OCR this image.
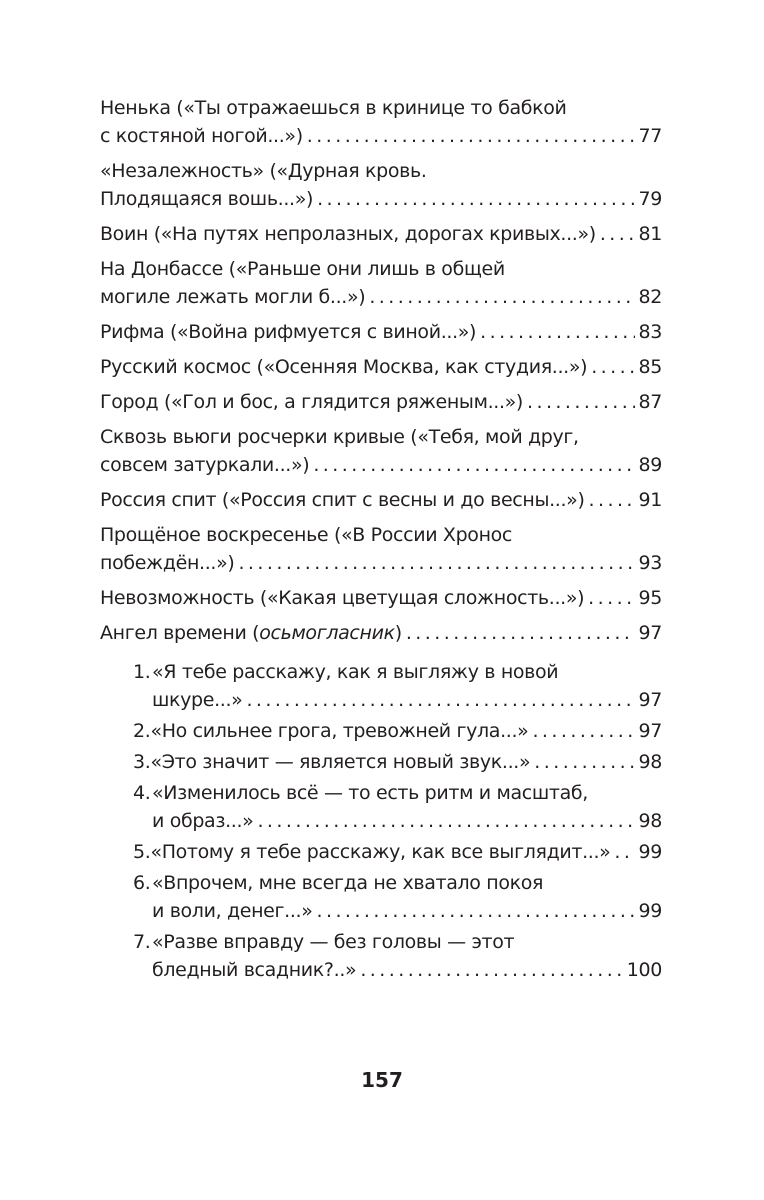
Ненька («Ты отражаешься в кринице то бабкой
с костяной ногой...») . . .	77
«Незалежность» («Дурная кровь.
Плодящаяся вошь...») . . .	79
Воин («На путях непролазных, дорогах кривых...») . . . 81
На Донбассе («Раньше они лишь в общей
могиле лежать могли б...») . . .	82
Рифма («Война рифмуется с виной...») . . .	83
Русский космос («Осенняя Москва, как студия...») . . .	85
Город («Гол и бос, а глядится ряженым...») . . .	87
Сквозь вьюги росчерки кривые («Тебя, мой друг,
совсем затуркали...») . . .	89
Россия спит («Россия спит с весны и до весны...») . . .	91
Прощёное воскресенье («В России Хронос
побеждён...») . . .	93
Невозможность («Какая цветущая сложность...») . . .	95
Ангел времени (осьмогласник) . . .	97
1. «Я тебе расскажу, как я выгляжу в новой
шкуре...» . . .	97
2. «Но сильнее грога, тревожней гула...» . . .	97
3. «Это значит — является новый звук...» . . .	98
4. «Изменилось всё — то есть ритм и масштаб,
и образ...» . . .	98
5. «Потому я тебе расскажу, как все выглядит...» . . . 99
6. «Впрочем, мне всегда не хватало покоя
и воли, денег...» . . .	99
7. «Разве вправду — без головы — этот
бледный всадник?..» . . .	100
157
